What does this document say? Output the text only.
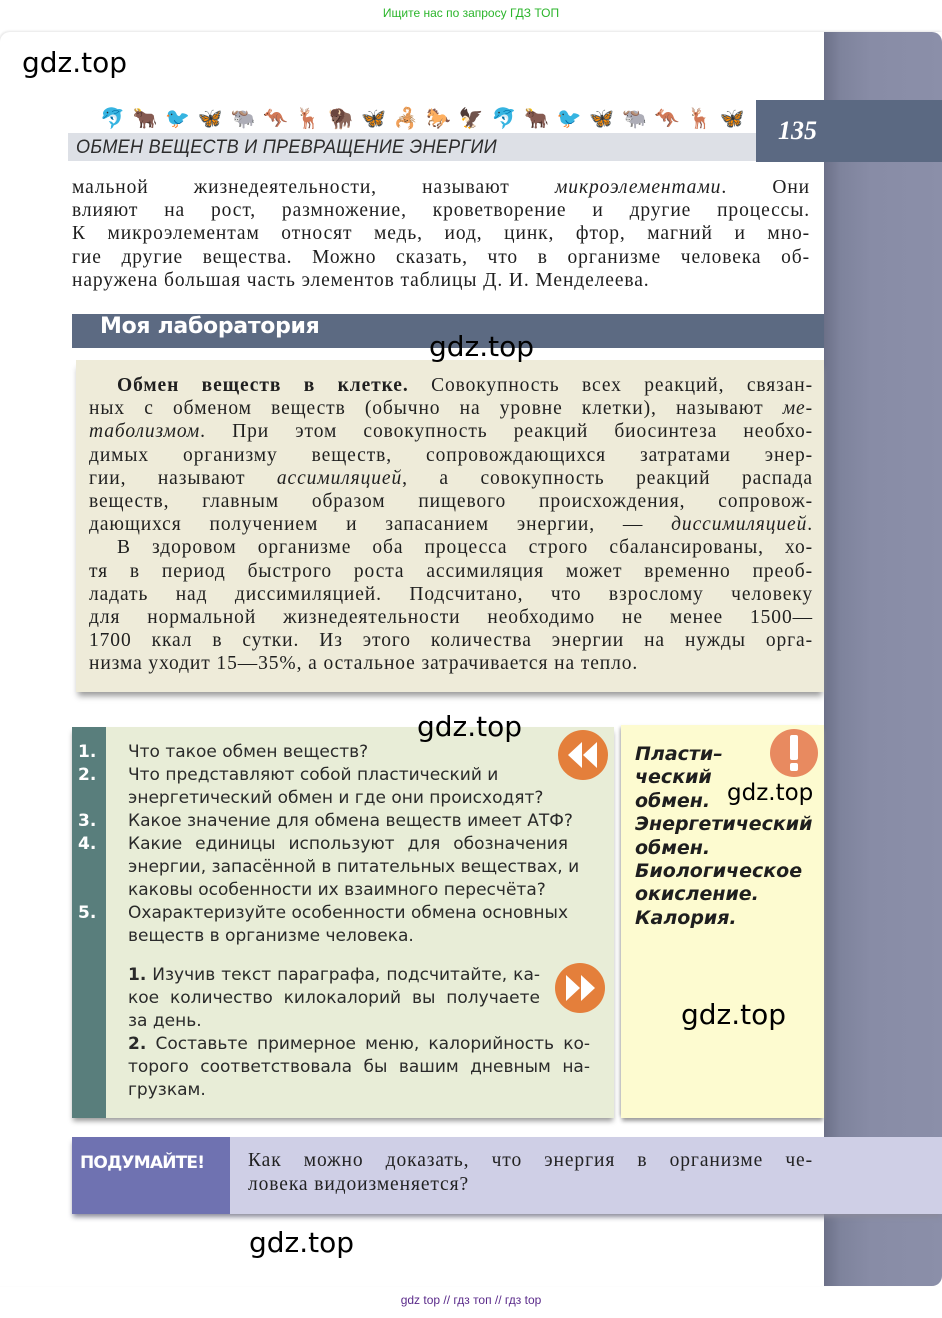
Ищите нас по запросу ГДЗ ТОП
🐬 🐂 🐦 🦋 🐃 🦘 🦌 🦬 🦋 🦂 🐎 🦅 🐬 🐂 🐦 🦋 🐃 🦘 🦌 🦋
ОБМЕН ВЕЩЕСТВ И ПРЕВРАЩЕНИЕ ЭНЕРГИИ
135
мальной жизнедеятельности, называют микроэлементами. Они
влияют на рост, размножение, кроветворение и другие процессы.
К микроэлементам относят медь, иод, цинк, фтор, магний и мно-
гие другие вещества. Можно сказать, что в организме человека об-
наружена большая часть элементов таблицы Д. И. Менделеева.
Моя лаборатория
Обмен веществ в клетке. Совокупность всех реакций, связан-
ных с обменом веществ (обычно на уровне клетки), называют ме-
таболизмом. При этом совокупность реакций биосинтеза необхо-
димых организму веществ, сопровождающихся затратами энер-
гии, называют ассимиляцией, а совокупность реакций распада
веществ, главным образом пищевого происхождения, сопровож-
дающихся получением и запасанием энергии, — диссимиляцией.
В здоровом организме оба процесса строго сбалансированы, хо-
тя в период быстрого роста ассимиляция может временно преоб-
ладать над диссимиляцией. Подсчитано, что взрослому человеку
для нормальной жизнедеятельности необходимо не менее 1500—
1700 ккал в сутки. Из этого количества энергии на нужды орга-
низма уходит 15—35%, а остальное затрачивается на тепло.
1.
2.
3.
4.
5.
Что такое обмен веществ?
Что представляют собой пластический и
энергетический обмен и где они происходят?
Какое значение для обмена веществ имеет АТФ?
Какие единицы используют для обозначения
энергии, запасённой в питательных веществах, и
каковы особенности их взаимного пересчёта?
Охарактеризуйте особенности обмена основных
веществ в организме человека.
1. Изучив текст параграфа, подсчитайте, ка-
кое количество килокалорий вы получаете
за день.
2. Составьте примерное меню, калорийность ко-
торого соответствовала бы вашим дневным на-
грузкам.
Пласти–
ческий
обмен.
Энергетический
обмен.
Биологическое
окисление.
Калория.
ПОДУМАЙТЕ! Как можно доказать, что энергия в организме че-
ловека видоизменяется?
gdz.top
gdz.top
gdz.top
gdz.top
gdz.top
gdz.top
gdz top // гдз топ // гдз top
